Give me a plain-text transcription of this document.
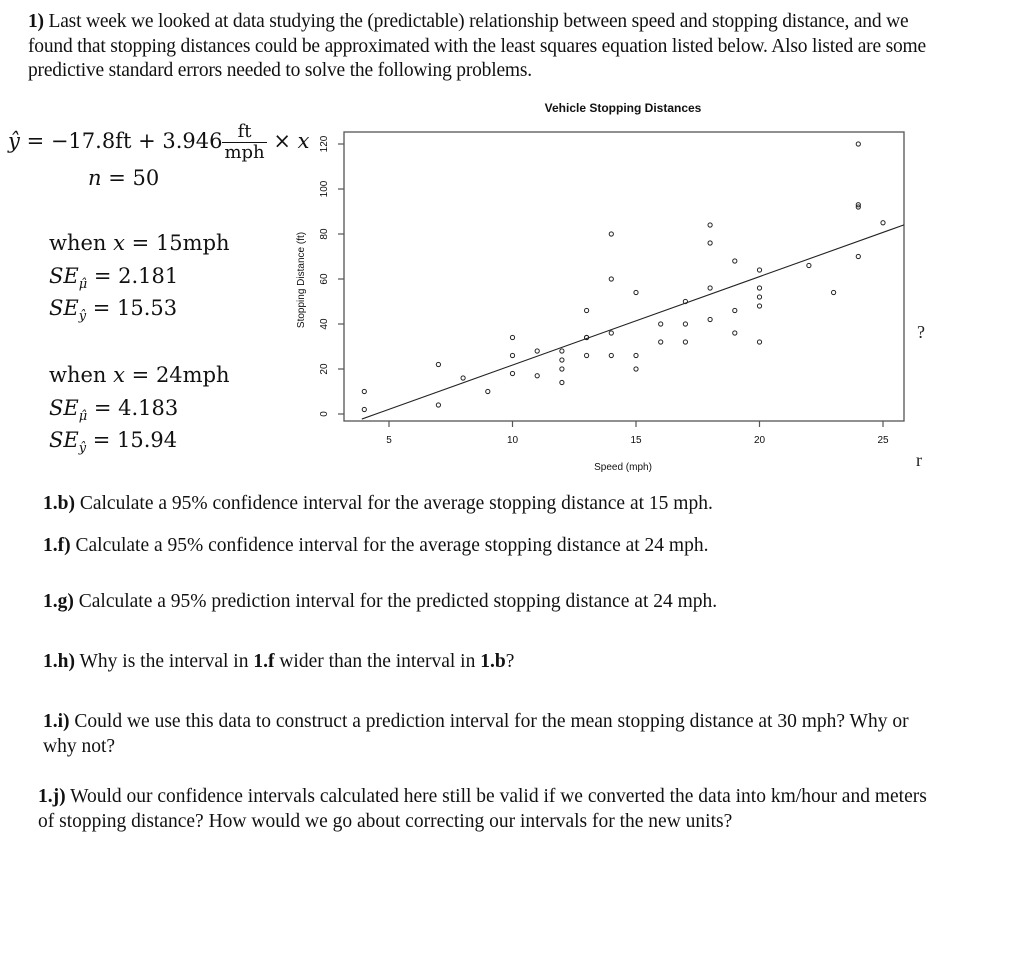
1) Last week we looked at data studying the (predictable) relationship between speed and stopping distance, and we found that stopping distances could be approximated with the least squares equation listed below. Also listed are some predictive standard errors needed to solve the following problems.
ŷ = $-17.8ft + 3.946 \frac{ft}{\text{mph}} \times x$
n = 50
when x = 15mph
$SE_{\mû} = 2.181$
$SE_ŷ = 15.53$
when x = 24mph
$SE_{\mû} = 4.183$
$SE_ŷ = 15.94$
Vehicle Stopping Distances
5	10	15	20	25
0
20
40
60
80
100
120
Speed (mph)
Stopping Distance (ft)
?
r
1.b) Calculate a 95% confidence interval for the average stopping distance at 15 mph.
1.f) Calculate a 95% confidence interval for the average stopping distance at 24 mph.
1.g) Calculate a 95% prediction interval for the predicted stopping distance at 24 mph.
1.h) Why is the interval in 1.f wider than the interval in 1.b?
1.i) Could we use this data to construct a prediction interval for the mean stopping distance at 30 mph? Why or why not?
1.j) Would our confidence intervals calculated here still be valid if we converted the data into km/hour and meters of stopping distance? How would we go about correcting our intervals for the new units?
